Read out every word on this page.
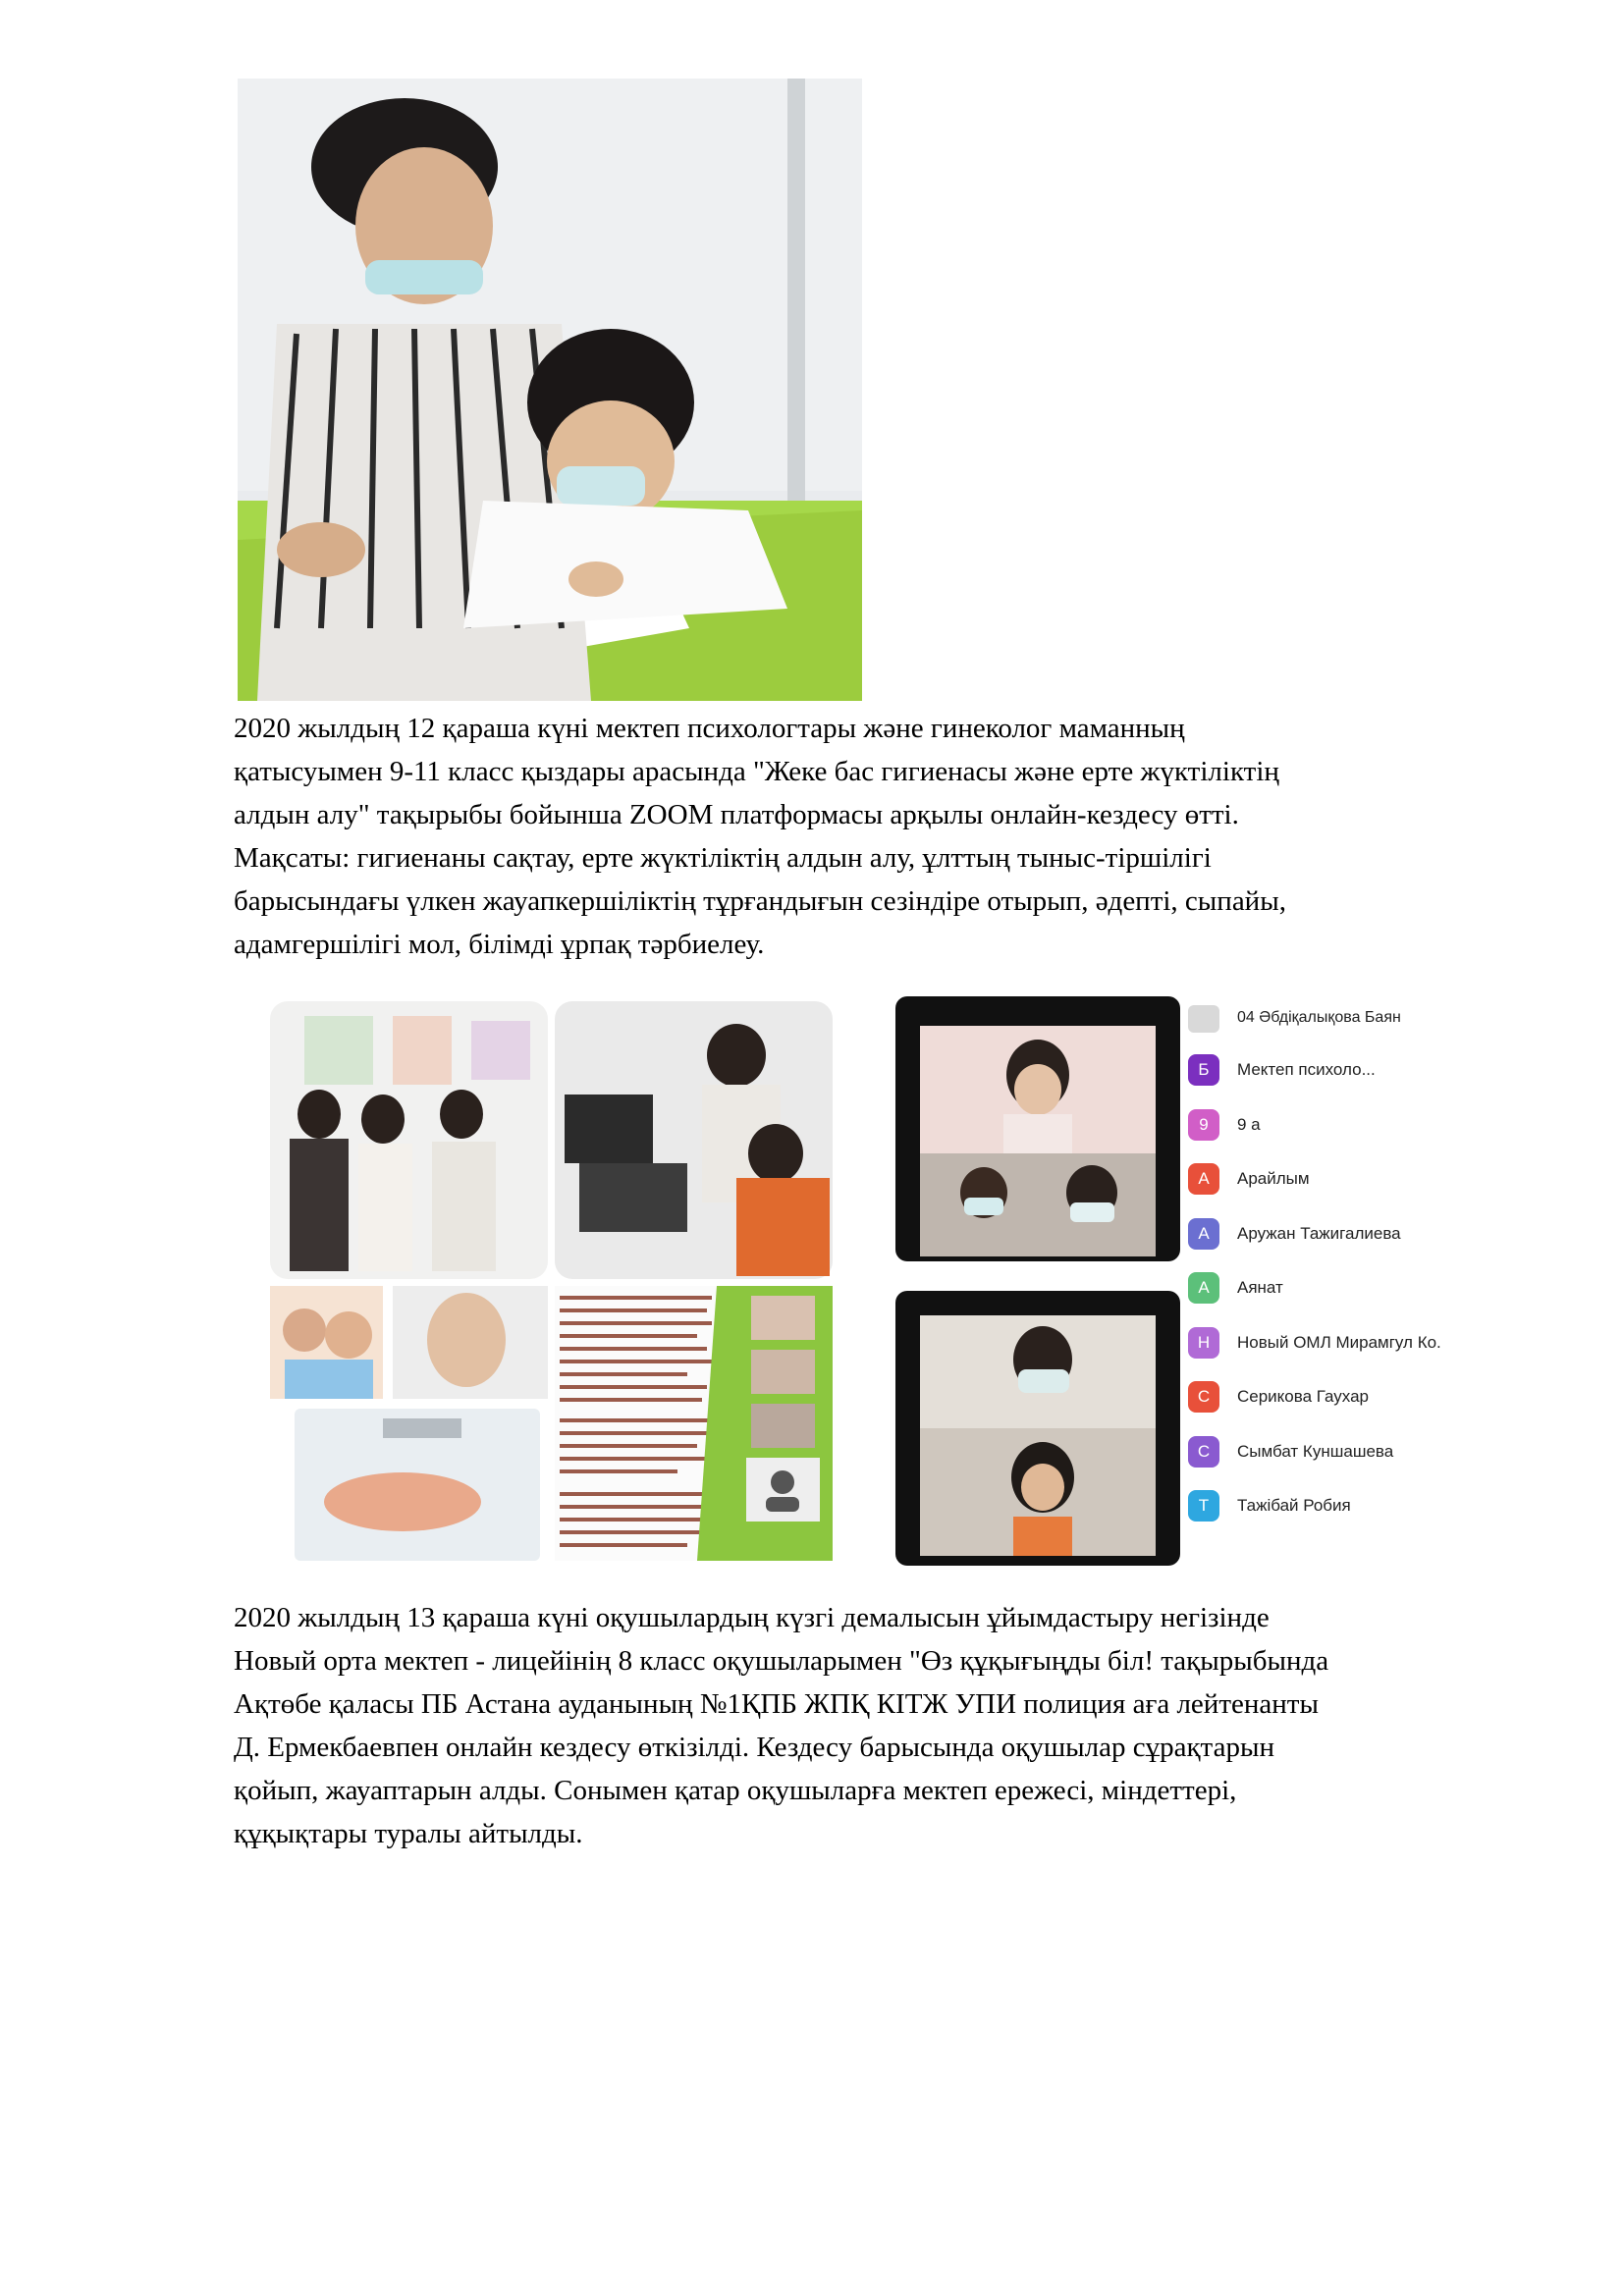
2020 жылдың 12 қараша күні мектеп психологтары және гинеколог маманның
қатысуымен 9-11 класс қыздары арасында "Жеке бас гигиенасы және ерте жүктіліктің
алдын алу" тақырыбы бойынша ZOOM платформасы арқылы онлайн-кездесу өтті.
Мақсаты: гигиенаны сақтау, ерте жүктіліктің алдын алу, ұлттың тыныс-тіршілігі
барысындағы үлкен жауапкершіліктің тұрғандығын сезіндіре отырып, әдепті, сыпайы,
адамгершілігі мол, білімді ұрпақ тәрбиелеу.
04 Әбдіқалықова Баян
Б	Мектеп психоло...
9	9 а
А	Арайлым
А	Аружан Тажигалиева
А	Аянат
Н	Новый ОМЛ Мирамгул Ко.
С	Серикова Гаухар
С	Сымбат Куншашева
Т	Тажібай Робия
2020 жылдың 13 қараша күні оқушылардың күзгі демалысын ұйымдастыру негізінде
Новый орта мектеп - лицейінің 8 класс оқушыларымен "Өз құқығыңды біл! тақырыбында
Ақтөбе қаласы ПБ Астана ауданының №1ҚПБ ЖПҚ КІТЖ УПИ полиция аға лейтенанты
Д. Ермекбаевпен онлайн кездесу өткізілді. Кездесу барысында оқушылар сұрақтарын
қойып, жауаптарын алды. Сонымен қатар оқушыларға мектеп ережесі, міндеттері,
құқықтары туралы айтылды.
